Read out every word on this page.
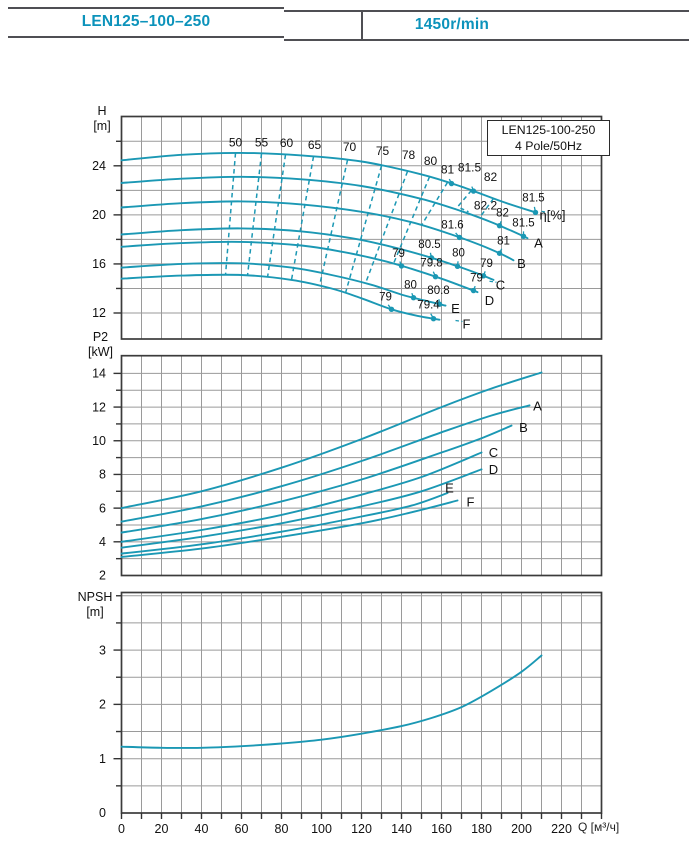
LEN125–100–250	1450r/min
24
20
16
12
50 55 60 65 70 75 78 80
81 81.5
82
82.2
81.5
82
81.5
81.6
81
80.5
80
79
79
79.8
79
80 80.8
79
79.4
A
B
C
D
E
F
η[%]
14
12
10
8
6
4
2
A
B
C
D
E
F
3
2
1
0
0 20 40 60 80 100 120 140 160 180 200 220
LEN125-100-250
4 Pole/50Hz
H
[m]
P2
[kW]
NPSH
[m]
Q [м³/ч]
